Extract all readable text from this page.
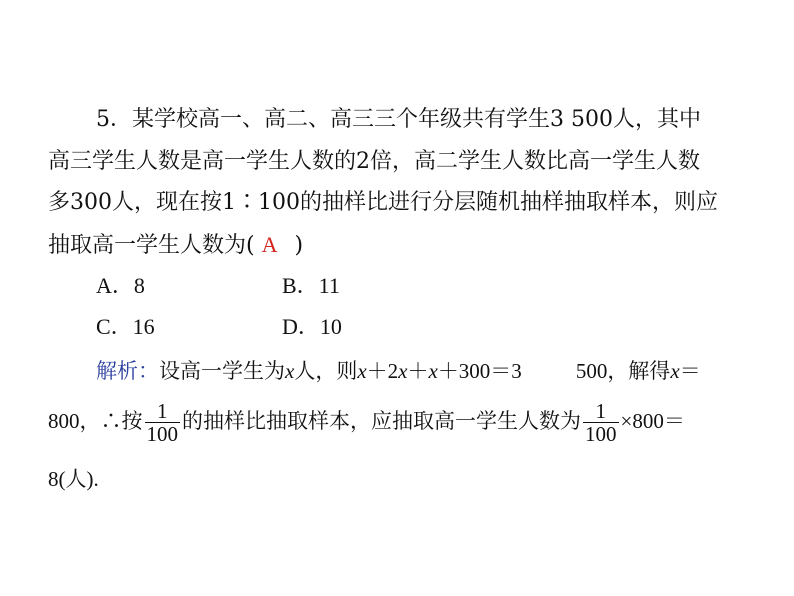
5．某学校高一、高二、高三三个年级共有学生3 500人，其中
高三学生人数是高一学生人数的2倍，高二学生人数比高一学生人数
多300人，现在按1∶100的抽样比进行分层随机抽样抽取样本，则应
抽取高一学生人数为( A )
A．8	B．11
C．16	D．10
解析：设高一学生为x人，则x＋2x＋x＋300＝3	500，解得x＝
800，∴按 $\frac{1}{100}$ 的抽样比抽取样本，应抽取高一学生人数为 $\frac{1}{100} \times 800=$
8(人).
